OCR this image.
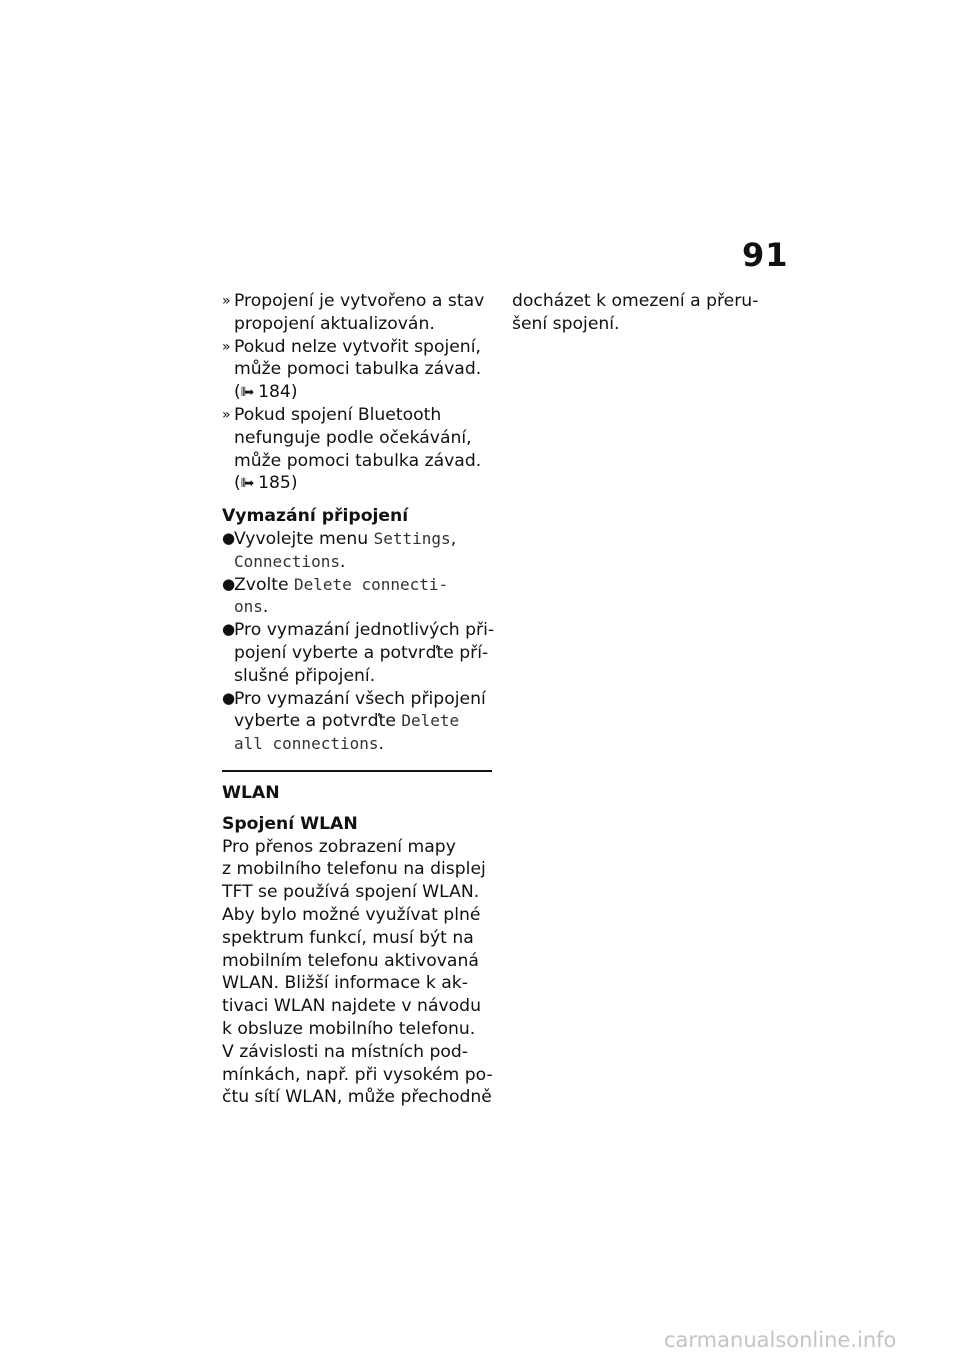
91
» Propojení je vytvořeno a stav
propojení aktualizován.
» Pokud nelze vytvořit spojení,
může pomoci tabulka závad.
(⦀➡ 184)
» Pokud spojení Bluetooth
nefunguje podle očekávání,
může pomoci tabulka závad.
(⦀➡ 185)
Vymazání připojení
●
Vyvolejte menu Settings,
Connections.
●
Zvolte Delete connecti-
ons.
●
Pro vymazání jednotlivých při-
pojení vyberte a potvrďte pří-
slušné připojení.
●
Pro vymazání všech připojení
vyberte a potvrďte Delete
all connections.
WLAN
Spojení WLAN
Pro přenos zobrazení mapy
z mobilního telefonu na displej
TFT se používá spojení WLAN.
Aby bylo možné využívat plné
spektrum funkcí, musí být na
mobilním telefonu aktivovaná
WLAN. Bližší informace k ak-
tivaci WLAN najdete v návodu
k obsluze mobilního telefonu.
V závislosti na místních pod-
mínkách, např. při vysokém po-
čtu sítí WLAN, může přechodně
docházet k omezení a přeru-
šení spojení.
carmanualsonline.info
